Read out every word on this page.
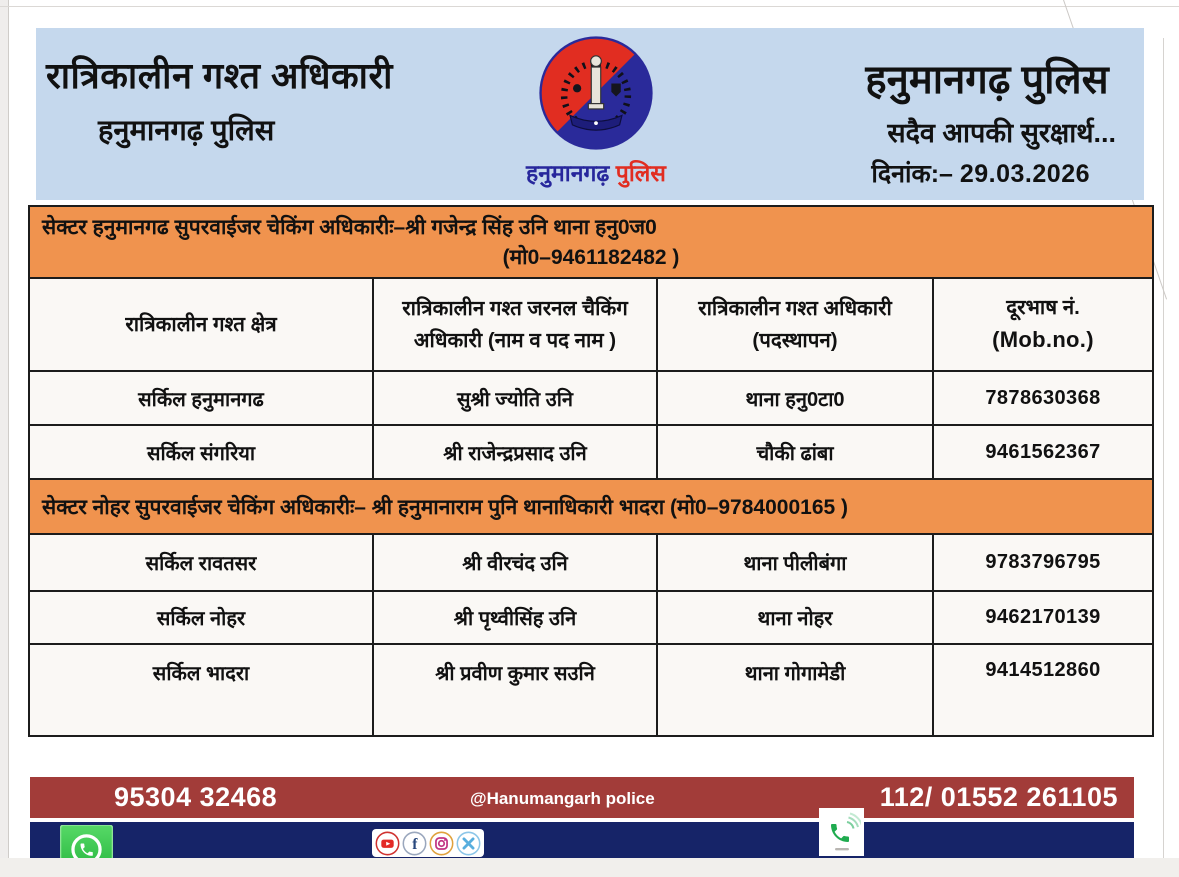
रात्रिकालीन गश्त अधिकारी
हनुमानगढ़ पुलिस
हनुमानगढ़ पुलिस
हनुमानगढ़ पुलिस
सदैव आपकी सुरक्षार्थ...
दिनांक:– 29.03.2026
सेक्टर हनुमानगढ सुपरवाईजर चेकिंग अधिकारीः–श्री गजेन्द्र सिंह उनि थाना हनु0ज0
(मो0–9461182482 )			

रात्रिकालीन गश्त क्षेत्र	रात्रिकालीन गश्त जरनल चैकिंग अधिकारी (नाम व पद नाम )	रात्रिकालीन गश्त अधिकारी (पदस्थापन)	दूरभाष नं.
(Mob.no.)

सर्किल हनुमानगढ	सुश्री ज्योति उनि	थाना हनु0टा0	7878630368
सर्किल संगरिया	श्री राजेन्द्रप्रसाद उनि	चौकी ढांबा	9461562367

सेक्टर नोहर सुपरवाईजर चेकिंग अधिकारीः– श्री हनुमानाराम पुनि थानाधिकारी भादरा (मो0–9784000165 )			

सर्किल रावतसर	श्री वीरचंद उनि	थाना पीलीबंगा	9783796795
सर्किल नोहर	श्री पृथ्वीसिंह उनि	थाना नोहर	9462170139
सर्किल भादरा	श्री प्रवीण कुमार सउनि	थाना गोगामेडी	9414512860
95304 32468	@Hanumangarh police	112/ 01552 261105
f
